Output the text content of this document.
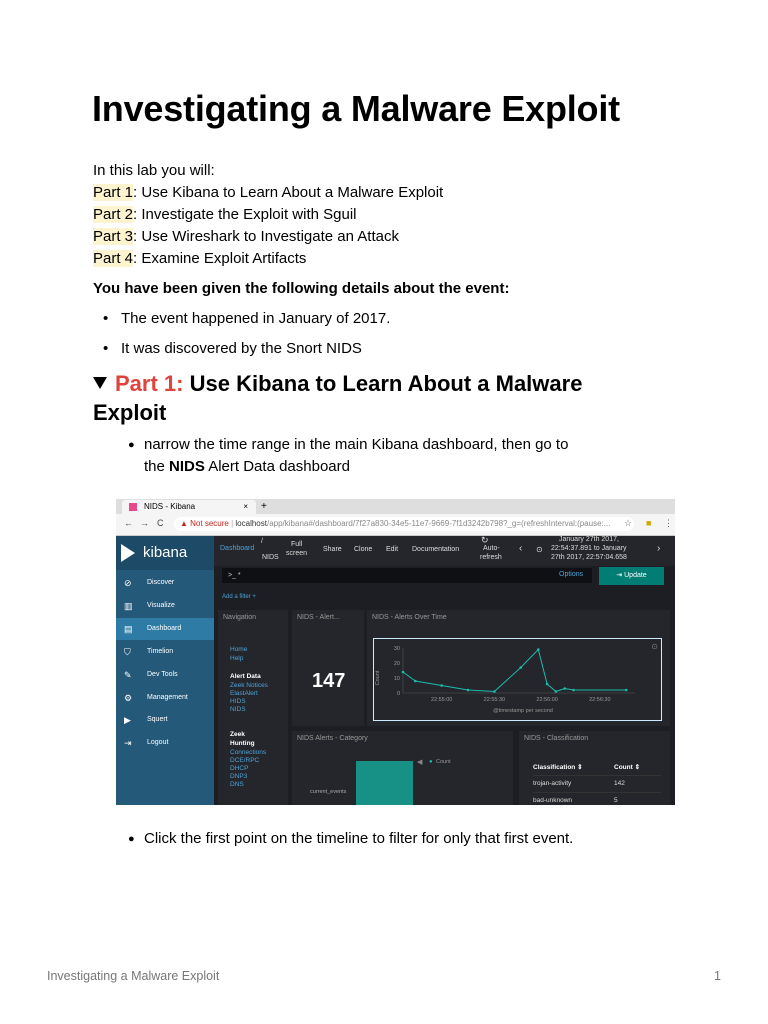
Investigating a Malware Exploit

In this lab you will:

Part 1: Use Kibana to Learn About a Malware Exploit

Part 2: Investigate the Exploit with Sguil

Part 3: Use Wireshark to Investigate an Attack

Part 4: Examine Exploit Artifacts

You have been given the following details about the event:

• The event happened in January of 2017.
• It was discovered by the Snort NIDS
Part 1: Use Kibana to Learn About a Malware Exploit
● narrow the time range in the main Kibana dashboard, then go to
the NIDS Alert Data dashboard
NIDS - Kibana	× +
← → C	▲ Not secure | localhost/app/kibana#/dashboard/7f27a830-34e5-11e7-9669-7f1d3242b798?_g=(refreshInterval:(pause:...	☆ ■ ⋮
kibana
⊘ Discover
▥ Visualize
▤ Dashboard
⛉ Timelion
✎ Dev Tools
⚙ Management
▶ Squert
⇥ Logout
Dashboard
/
NIDS
Full
screen
Share Clone Edit Documentation
↻
Auto-
refresh
‹ ⊙
January 27th 2017,
22:54:37.891 to January
27th 2017, 22:57:04.658
›
>_ *	Options	⇥ Update
Add a filter +
Navigation
Home
Help
Alert Data
Zeek Notices
ElastAlert
HIDS
NIDS
Zeek
Hunting
Connections
DCE/RPC
DHCP
DNP3
DNS
NIDS - Alert...
147
NIDS - Alerts Over Time
⊙
Count
@timestamp per second
0
10
20
30
22:55:00	22:55:30	22:56:00	22:56:30
NIDS Alerts - Category
current_events
◀ ● Count
NIDS - Classification
Classification ⇕	Count ⇕
trojan-activity	142
bad-unknown	5
● Click the first point on the timeline to filter for only that first event.
Investigating a Malware Exploit	1
